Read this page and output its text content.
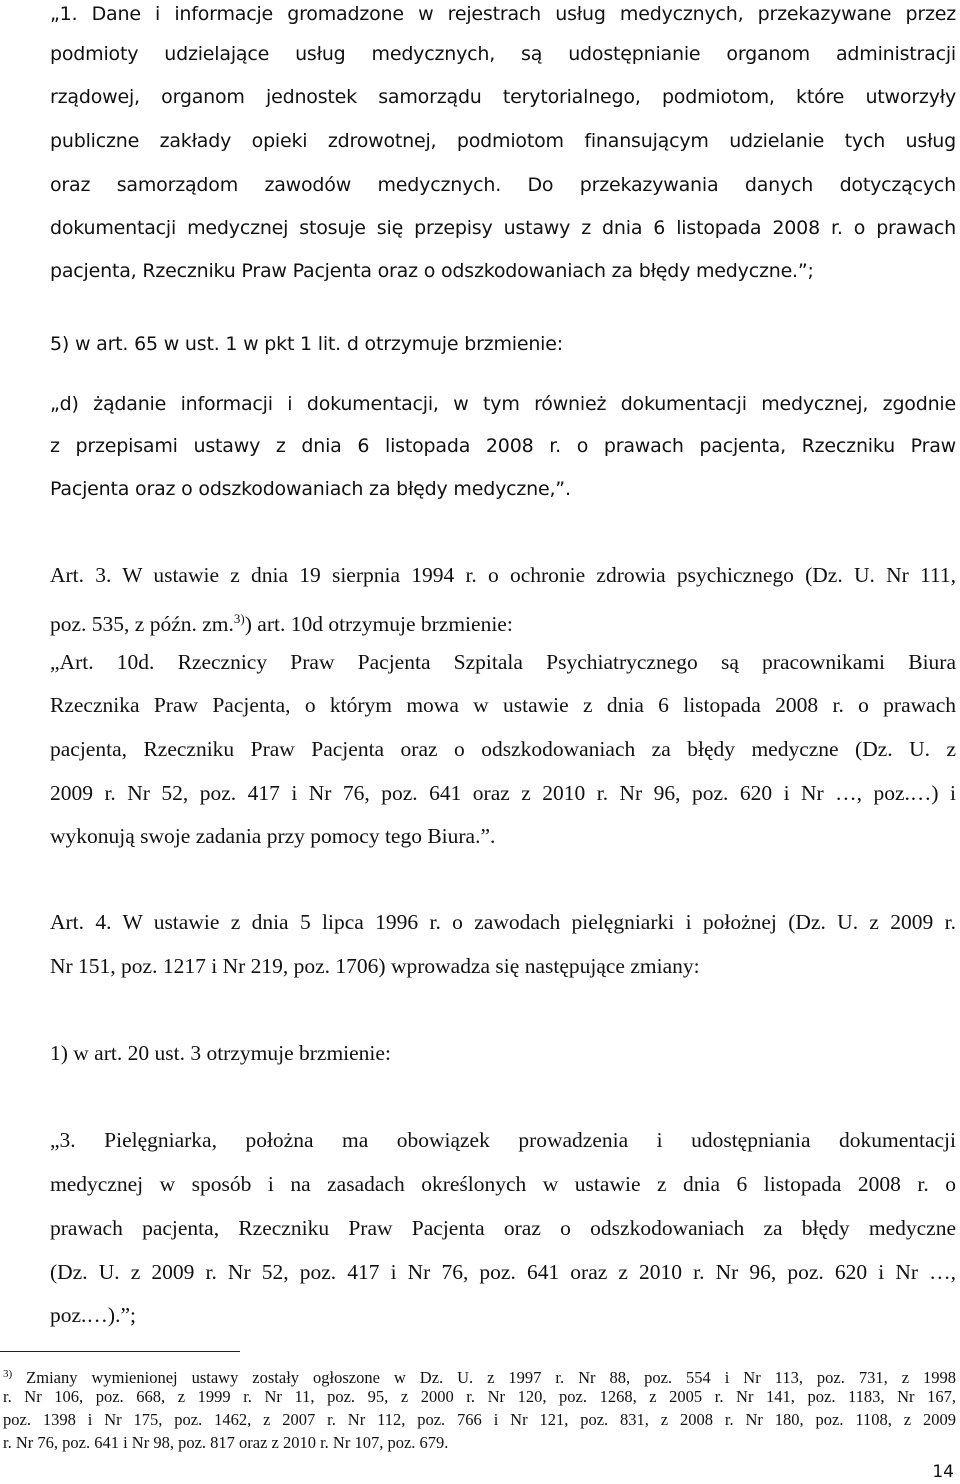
„1. Dane i informacje gromadzone w rejestrach usług medycznych, przekazywane przez
podmioty udzielające usług medycznych, są udostępnianie organom administracji
rządowej, organom jednostek samorządu terytorialnego, podmiotom, które utworzyły
publiczne zakłady opieki zdrowotnej, podmiotom finansującym udzielanie tych usług
oraz samorządom zawodów medycznych. Do przekazywania danych dotyczących
dokumentacji medycznej stosuje się przepisy ustawy z dnia 6 listopada 2008 r. o prawach
pacjenta, Rzeczniku Praw Pacjenta oraz o odszkodowaniach za błędy medyczne.”;
5) w art. 65 w ust. 1 w pkt 1 lit. d otrzymuje brzmienie:
„d) żądanie informacji i dokumentacji, w tym również dokumentacji medycznej, zgodnie
z przepisami ustawy z dnia 6 listopada 2008 r. o prawach pacjenta, Rzeczniku Praw
Pacjenta oraz o odszkodowaniach za błędy medyczne,”.
Art. 3. W ustawie z dnia 19 sierpnia 1994 r. o ochronie zdrowia psychicznego (Dz. U. Nr 111,
poz. 535, z późn. zm.$^{3)}$) art. 10d otrzymuje brzmienie:
„Art. 10d. Rzecznicy Praw Pacjenta Szpitala Psychiatrycznego są pracownikami Biura
Rzecznika Praw Pacjenta, o którym mowa w ustawie z dnia 6 listopada 2008 r. o prawach
pacjenta, Rzeczniku Praw Pacjenta oraz o odszkodowaniach za błędy medyczne (Dz. U. z
2009 r. Nr 52, poz. 417 i Nr 76, poz. 641 oraz z 2010 r. Nr 96, poz. 620 i Nr …, poz.…) i
wykonują swoje zadania przy pomocy tego Biura.”.
Art. 4. W ustawie z dnia 5 lipca 1996 r. o zawodach pielęgniarki i położnej (Dz. U. z 2009 r.
Nr 151, poz. 1217 i Nr 219, poz. 1706) wprowadza się następujące zmiany:
1) w art. 20 ust. 3 otrzymuje brzmienie:
„3. Pielęgniarka, położna ma obowiązek prowadzenia i udostępniania dokumentacji
medycznej w sposób i na zasadach określonych w ustawie z dnia 6 listopada 2008 r. o
prawach pacjenta, Rzeczniku Praw Pacjenta oraz o odszkodowaniach za błędy medyczne
(Dz. U. z 2009 r. Nr 52, poz. 417 i Nr 76, poz. 641 oraz z 2010 r. Nr 96, poz. 620 i Nr …,
poz.…).”;
$^{3)}$ Zmiany wymienionej ustawy zostały ogłoszone w Dz. U. z 1997 r. Nr 88, poz. 554 i Nr 113, poz. 731, z 1998
r. Nr 106, poz. 668, z 1999 r. Nr 11, poz. 95, z 2000 r. Nr 120, poz. 1268, z 2005 r. Nr 141, poz. 1183, Nr 167,
poz. 1398 i Nr 175, poz. 1462, z 2007 r. Nr 112, poz. 766 i Nr 121, poz. 831, z 2008 r. Nr 180, poz. 1108, z 2009
r. Nr 76, poz. 641 i Nr 98, poz. 817 oraz z 2010 r. Nr 107, poz. 679.
14
